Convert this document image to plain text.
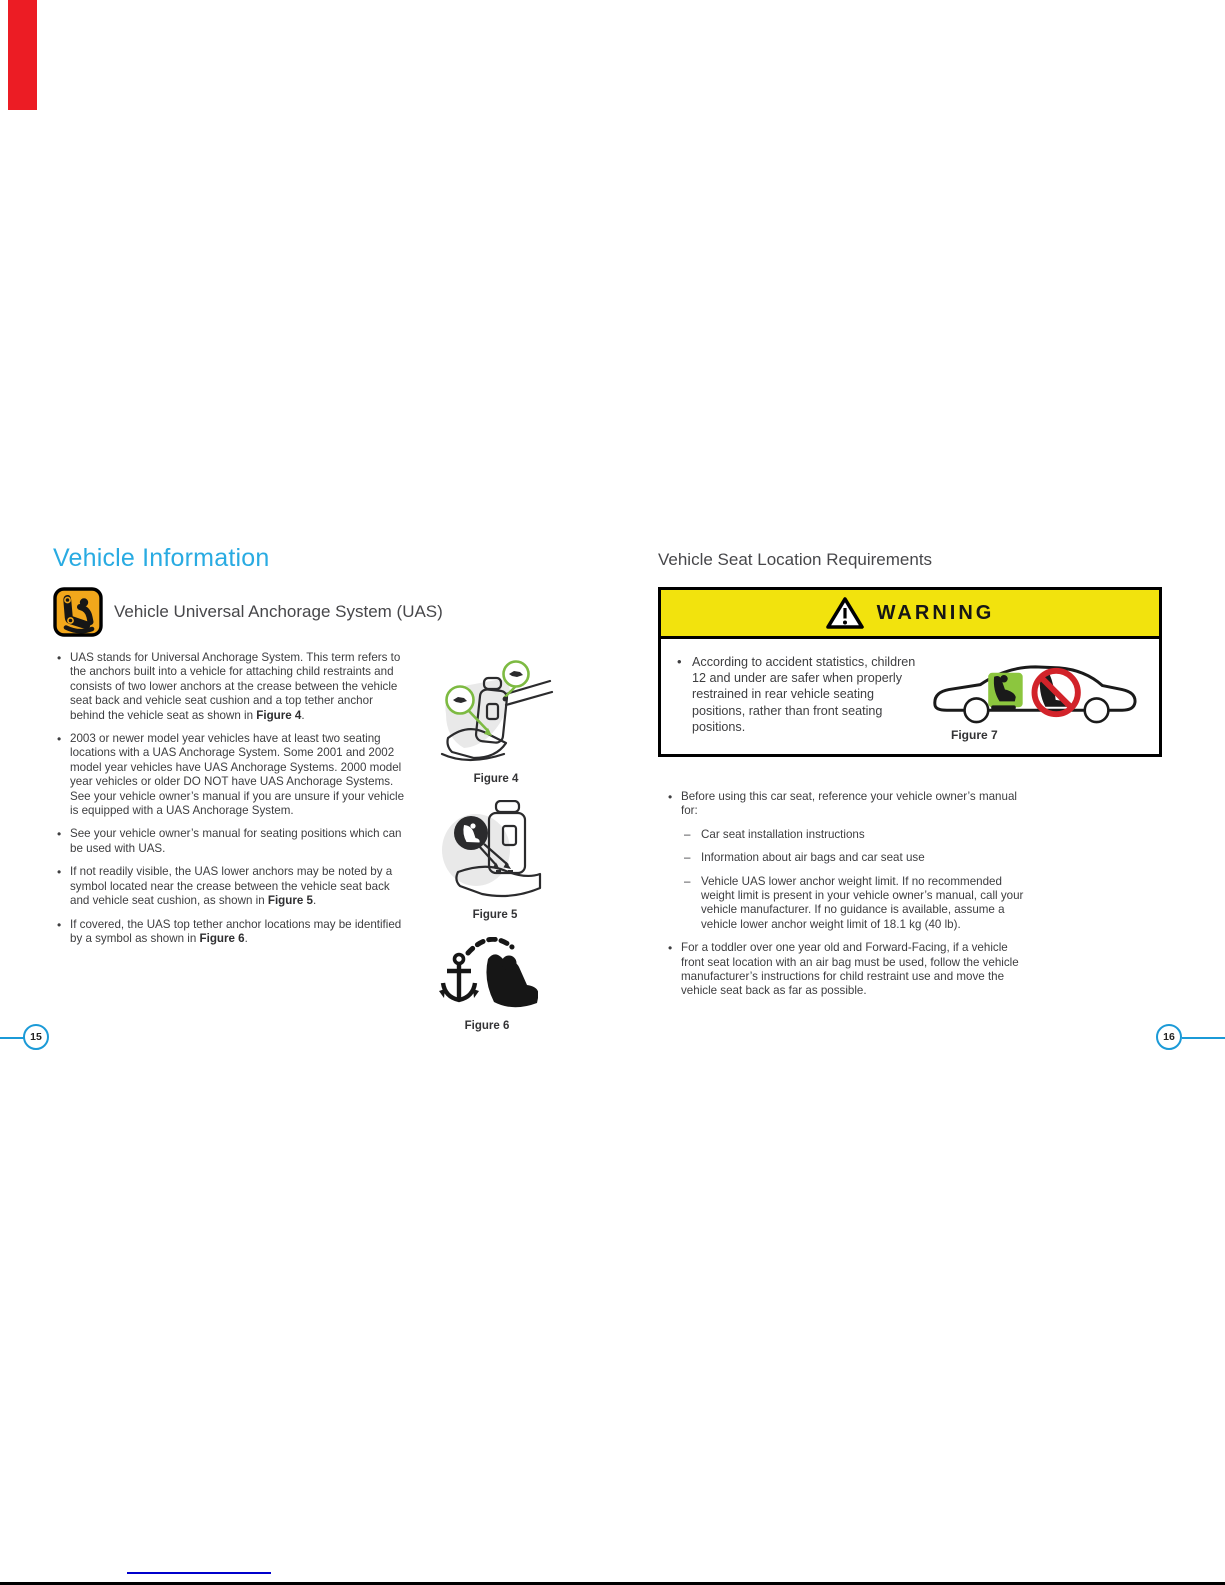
Vehicle Information
Vehicle Universal Anchorage System (UAS)
• UAS stands for Universal Anchorage System. This term refers to the anchors built into a vehicle for attaching child restraints and consists of two lower anchors at the crease between the vehicle seat back and vehicle seat cushion and a top tether anchor behind the vehicle seat as shown in Figure 4.
• 2003 or newer model year vehicles have at least two seating locations with a UAS Anchorage System. Some 2001 and 2002 model year vehicles have UAS Anchorage Systems. 2000 model year vehicles or older DO NOT have UAS Anchorage Systems. See your vehicle owner’s manual if you are unsure if your vehicle is equipped with a UAS Anchorage System.
• See your vehicle owner’s manual for seating positions which can be used with UAS.
• If not readily visible, the UAS lower anchors may be noted by a symbol located near the crease between the vehicle seat back and vehicle seat cushion, as shown in Figure 5.
• If covered, the UAS top tether anchor locations may be identified by a symbol as shown in Figure 6.
Figure 4
Figure 5
Figure 6
Vehicle Seat Location Requirements
WARNING
• According to accident statistics, children 12 and under are safer when properly restrained in rear vehicle seating positions, rather than front seating positions.
Figure 7
• Before using this car seat, reference your vehicle owner’s manual for:
– Car seat installation instructions
– Information about air bags and car seat use
– Vehicle UAS lower anchor weight limit. If no recommended weight limit is present in your vehicle owner’s manual, call your vehicle manufacturer. If no guidance is available, assume a vehicle lower anchor weight limit of 18.1 kg (40 lb).
• For a toddler over one year old and Forward-Facing, if a vehicle front seat location with an air bag must be used, follow the vehicle manufacturer’s instructions for child restraint use and move the vehicle seat back as far as possible.
15	16
